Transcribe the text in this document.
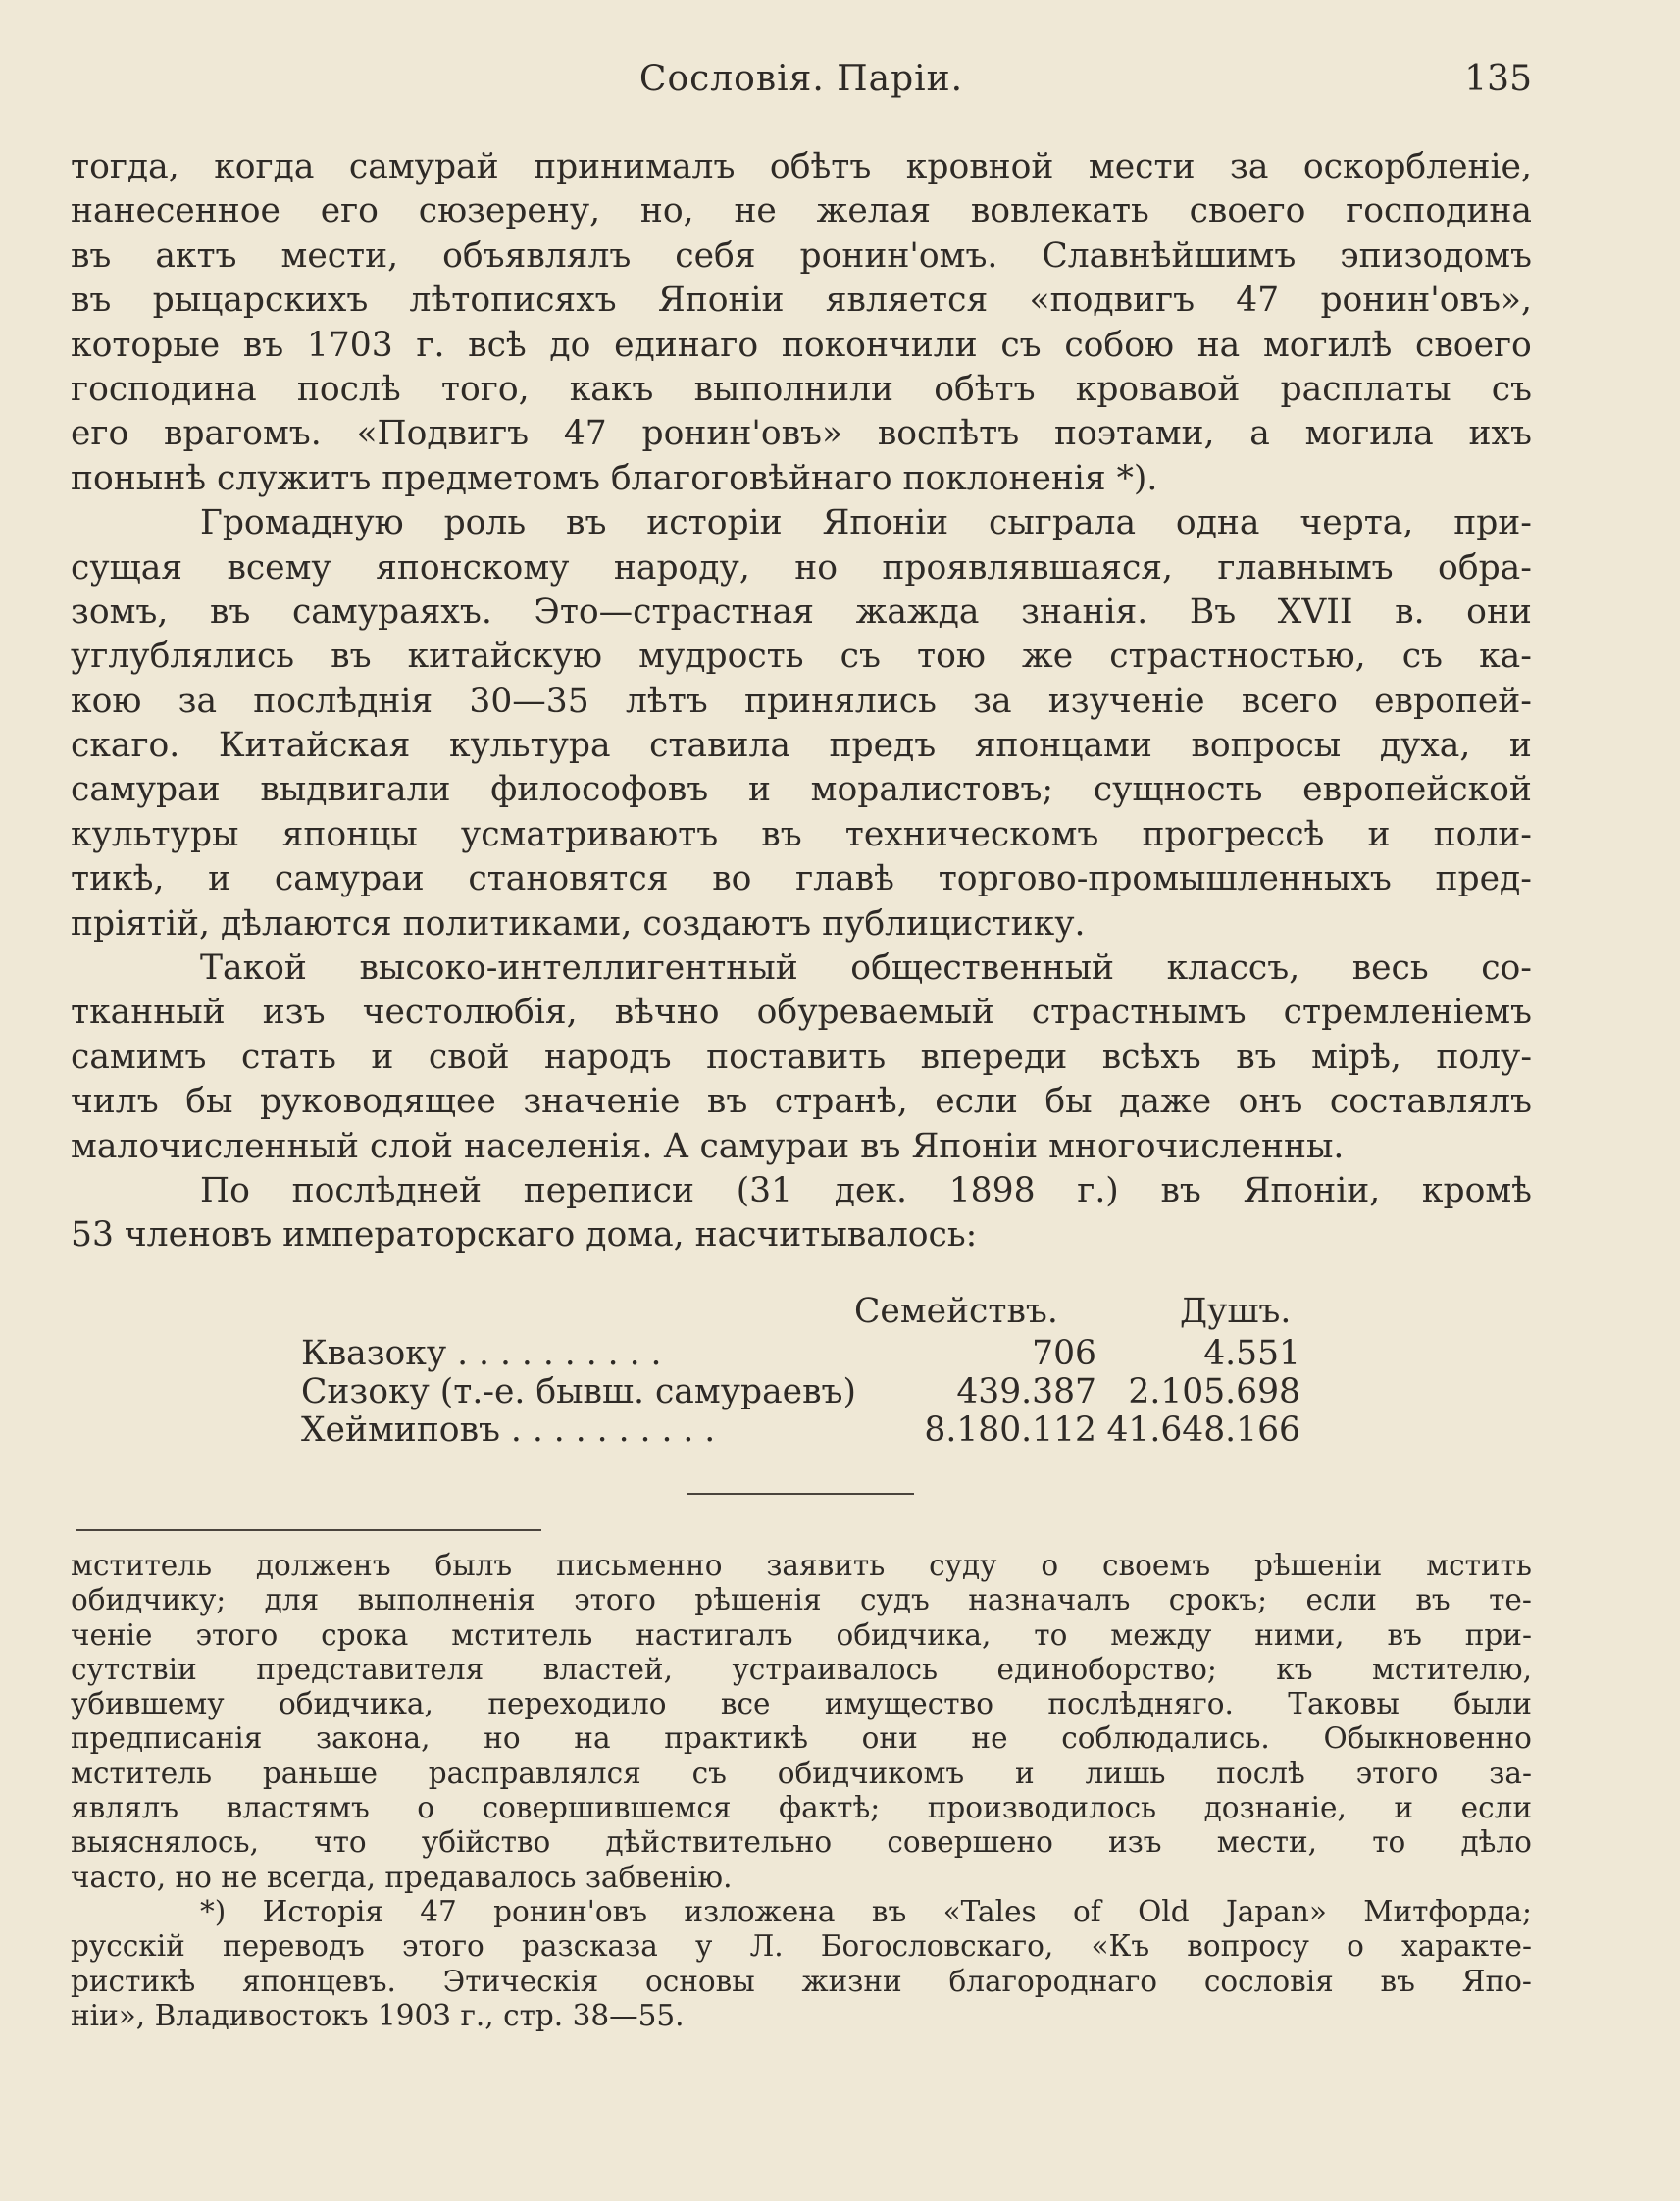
Сословія. Паріи.	135
тогда, когда самурай принималъ обѣтъ кровной мести за оскорбленіе,
нанесенное его сюзерену, но, не желая вовлекать своего господина
въ актъ мести, объявлялъ себя ронин'омъ. Славнѣйшимъ эпизодомъ
въ рыцарскихъ лѣтописяхъ Японіи является «подвигъ 47 ронин'овъ»,
которые въ 1703 г. всѣ до единаго покончили съ собою на могилѣ своего
господина послѣ того, какъ выполнили обѣтъ кровавой расплаты съ
его врагомъ. «Подвигъ 47 ронин'овъ» воспѣтъ поэтами, а могила ихъ
понынѣ служитъ предметомъ благоговѣйнаго поклоненія *).
Громадную роль въ исторіи Японіи сыграла одна черта, при-
сущая всему японскому народу, но проявлявшаяся, главнымъ обра-
зомъ, въ самураяхъ. Это—страстная жажда знанія. Въ XVII в. они
углублялись въ китайскую мудрость съ тою же страстностью, съ ка-
кою за послѣднія 30—35 лѣтъ принялись за изученіе всего европей-
скаго. Китайская культура ставила предъ японцами вопросы духа, и
самураи выдвигали философовъ и моралистовъ; сущность европейской
культуры японцы усматриваютъ въ техническомъ прогрессѣ и поли-
тикѣ, и самураи становятся во главѣ торгово-промышленныхъ пред-
пріятій, дѣлаются политиками, создаютъ публицистику.
Такой высоко-интеллигентный общественный классъ, весь со-
тканный изъ честолюбія, вѣчно обуреваемый страстнымъ стремленіемъ
самимъ стать и свой народъ поставить впереди всѣхъ въ мірѣ, полу-
чилъ бы руководящее значеніе въ странѣ, если бы даже онъ составлялъ
малочисленный слой населенія. А самураи въ Японіи многочисленны.
По послѣдней переписи (31 дек. 1898 г.) въ Японіи, кромѣ
53 членовъ императорскаго дома, насчитывалось:
Семействъ.	Душъ.
Квазоку . . . . . . . . . .	706	4.551
Сизоку (т.-е. бывш. самураевъ)	439.387 2.105.698
Хеймиповъ . . . . . . . . . .	8.180.112 41.648.166
мститель долженъ былъ письменно заявить суду о своемъ рѣшеніи мстить
обидчику; для выполненія этого рѣшенія судъ назначалъ срокъ; если въ те-
ченіе этого срока мститель настигалъ обидчика, то между ними, въ при-
сутствіи представителя властей, устраивалось единоборство; къ мстителю,
убившему обидчика, переходило все имущество послѣдняго. Таковы были
предписанія закона, но на практикѣ они не соблюдались. Обыкновенно
мститель раньше расправлялся съ обидчикомъ и лишь послѣ этого за-
являлъ властямъ о совершившемся фактѣ; производилось дознаніе, и если
выяснялось, что убійство дѣйствительно совершено изъ мести, то дѣло
часто, но не всегда, предавалось забвенію.
*) Исторія 47 ронин'овъ изложена въ «Tales of Old Japan» Митфорда;
русскій переводъ этого разсказа у Л. Богословскаго, «Къ вопросу о характе-
ристикѣ японцевъ. Этическія основы жизни благороднаго сословія въ Япо-
ніи», Владивостокъ 1903 г., стр. 38—55.
